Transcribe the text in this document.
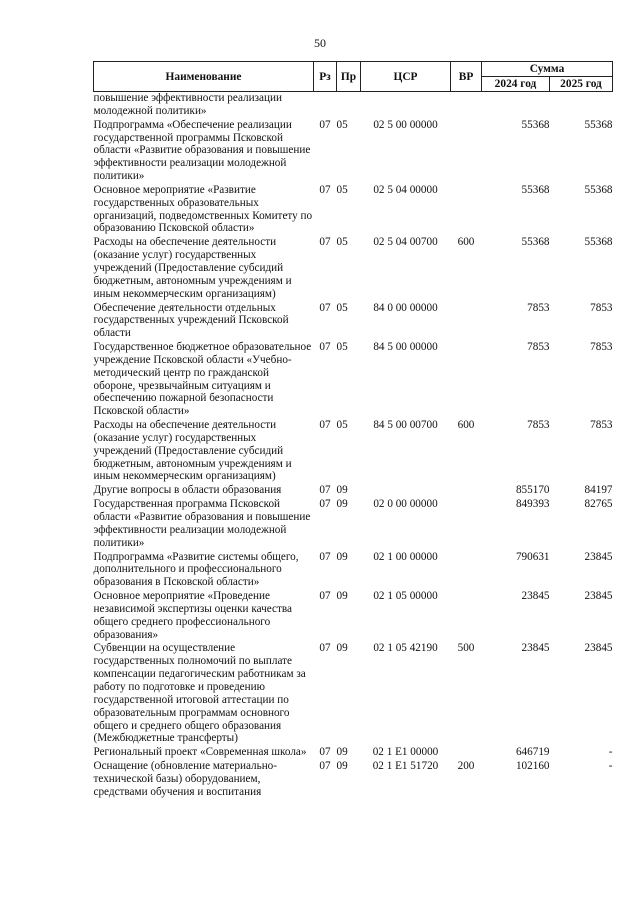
50
Наименование	Рз	Пр	ЦСР	ВР	Сумма	
					2024 год	2025 год
повышение эффективности реализации молодежной политики»						
Подпрограмма «Обеспечение реализации государственной программы Псковской области «Развитие образования и повышение эффективности реализации молодежной политики»	07	05	02 5 00 00000		55368	55368
Основное мероприятие «Развитие государственных образовательных организаций, подведомственных Комитету по образованию Псковской области»	07	05	02 5 04 00000		55368	55368
Расходы на обеспечение деятельности (оказание услуг) государственных учреждений (Предоставление субсидий бюджетным, автономным учреждениям и иным некоммерческим организациям)	07	05	02 5 04 00700	600	55368	55368
Обеспечение деятельности отдельных государственных учреждений Псковской области	07	05	84 0 00 00000		7853	7853
Государственное бюджетное образовательное учреждение Псковской области «Учебно-методический центр по гражданской обороне, чрезвычайным ситуациям и обеспечению пожарной безопасности Псковской области»	07	05	84 5 00 00000		7853	7853
Расходы на обеспечение деятельности (оказание услуг) государственных учреждений (Предоставление субсидий бюджетным, автономным учреждениям и иным некоммерческим организациям)	07	05	84 5 00 00700	600	7853	7853
Другие вопросы в области образования	07	09			855170	84197
Государственная программа Псковской области «Развитие образования и повышение эффективности реализации молодежной политики»	07	09	02 0 00 00000		849393	82765
Подпрограмма «Развитие системы общего, дополнительного и профессионального образования в Псковской области»	07	09	02 1 00 00000		790631	23845
Основное мероприятие «Проведение независимой экспертизы оценки качества общего среднего профессионального образования»	07	09	02 1 05 00000		23845	23845
Субвенции на осуществление государственных полномочий по выплате компенсации педагогическим работникам за работу по подготовке и проведению государственной итоговой аттестации по образовательным программам основного общего и среднего общего образования (Межбюджетные трансферты)	07	09	02 1 05 42190	500	23845	23845
Региональный проект «Современная школа»	07	09	02 1 E1 00000		646719	-
Оснащение (обновление материально-технической базы) оборудованием, средствами обучения и воспитания	07	09	02 1 E1 51720	200	102160	-
